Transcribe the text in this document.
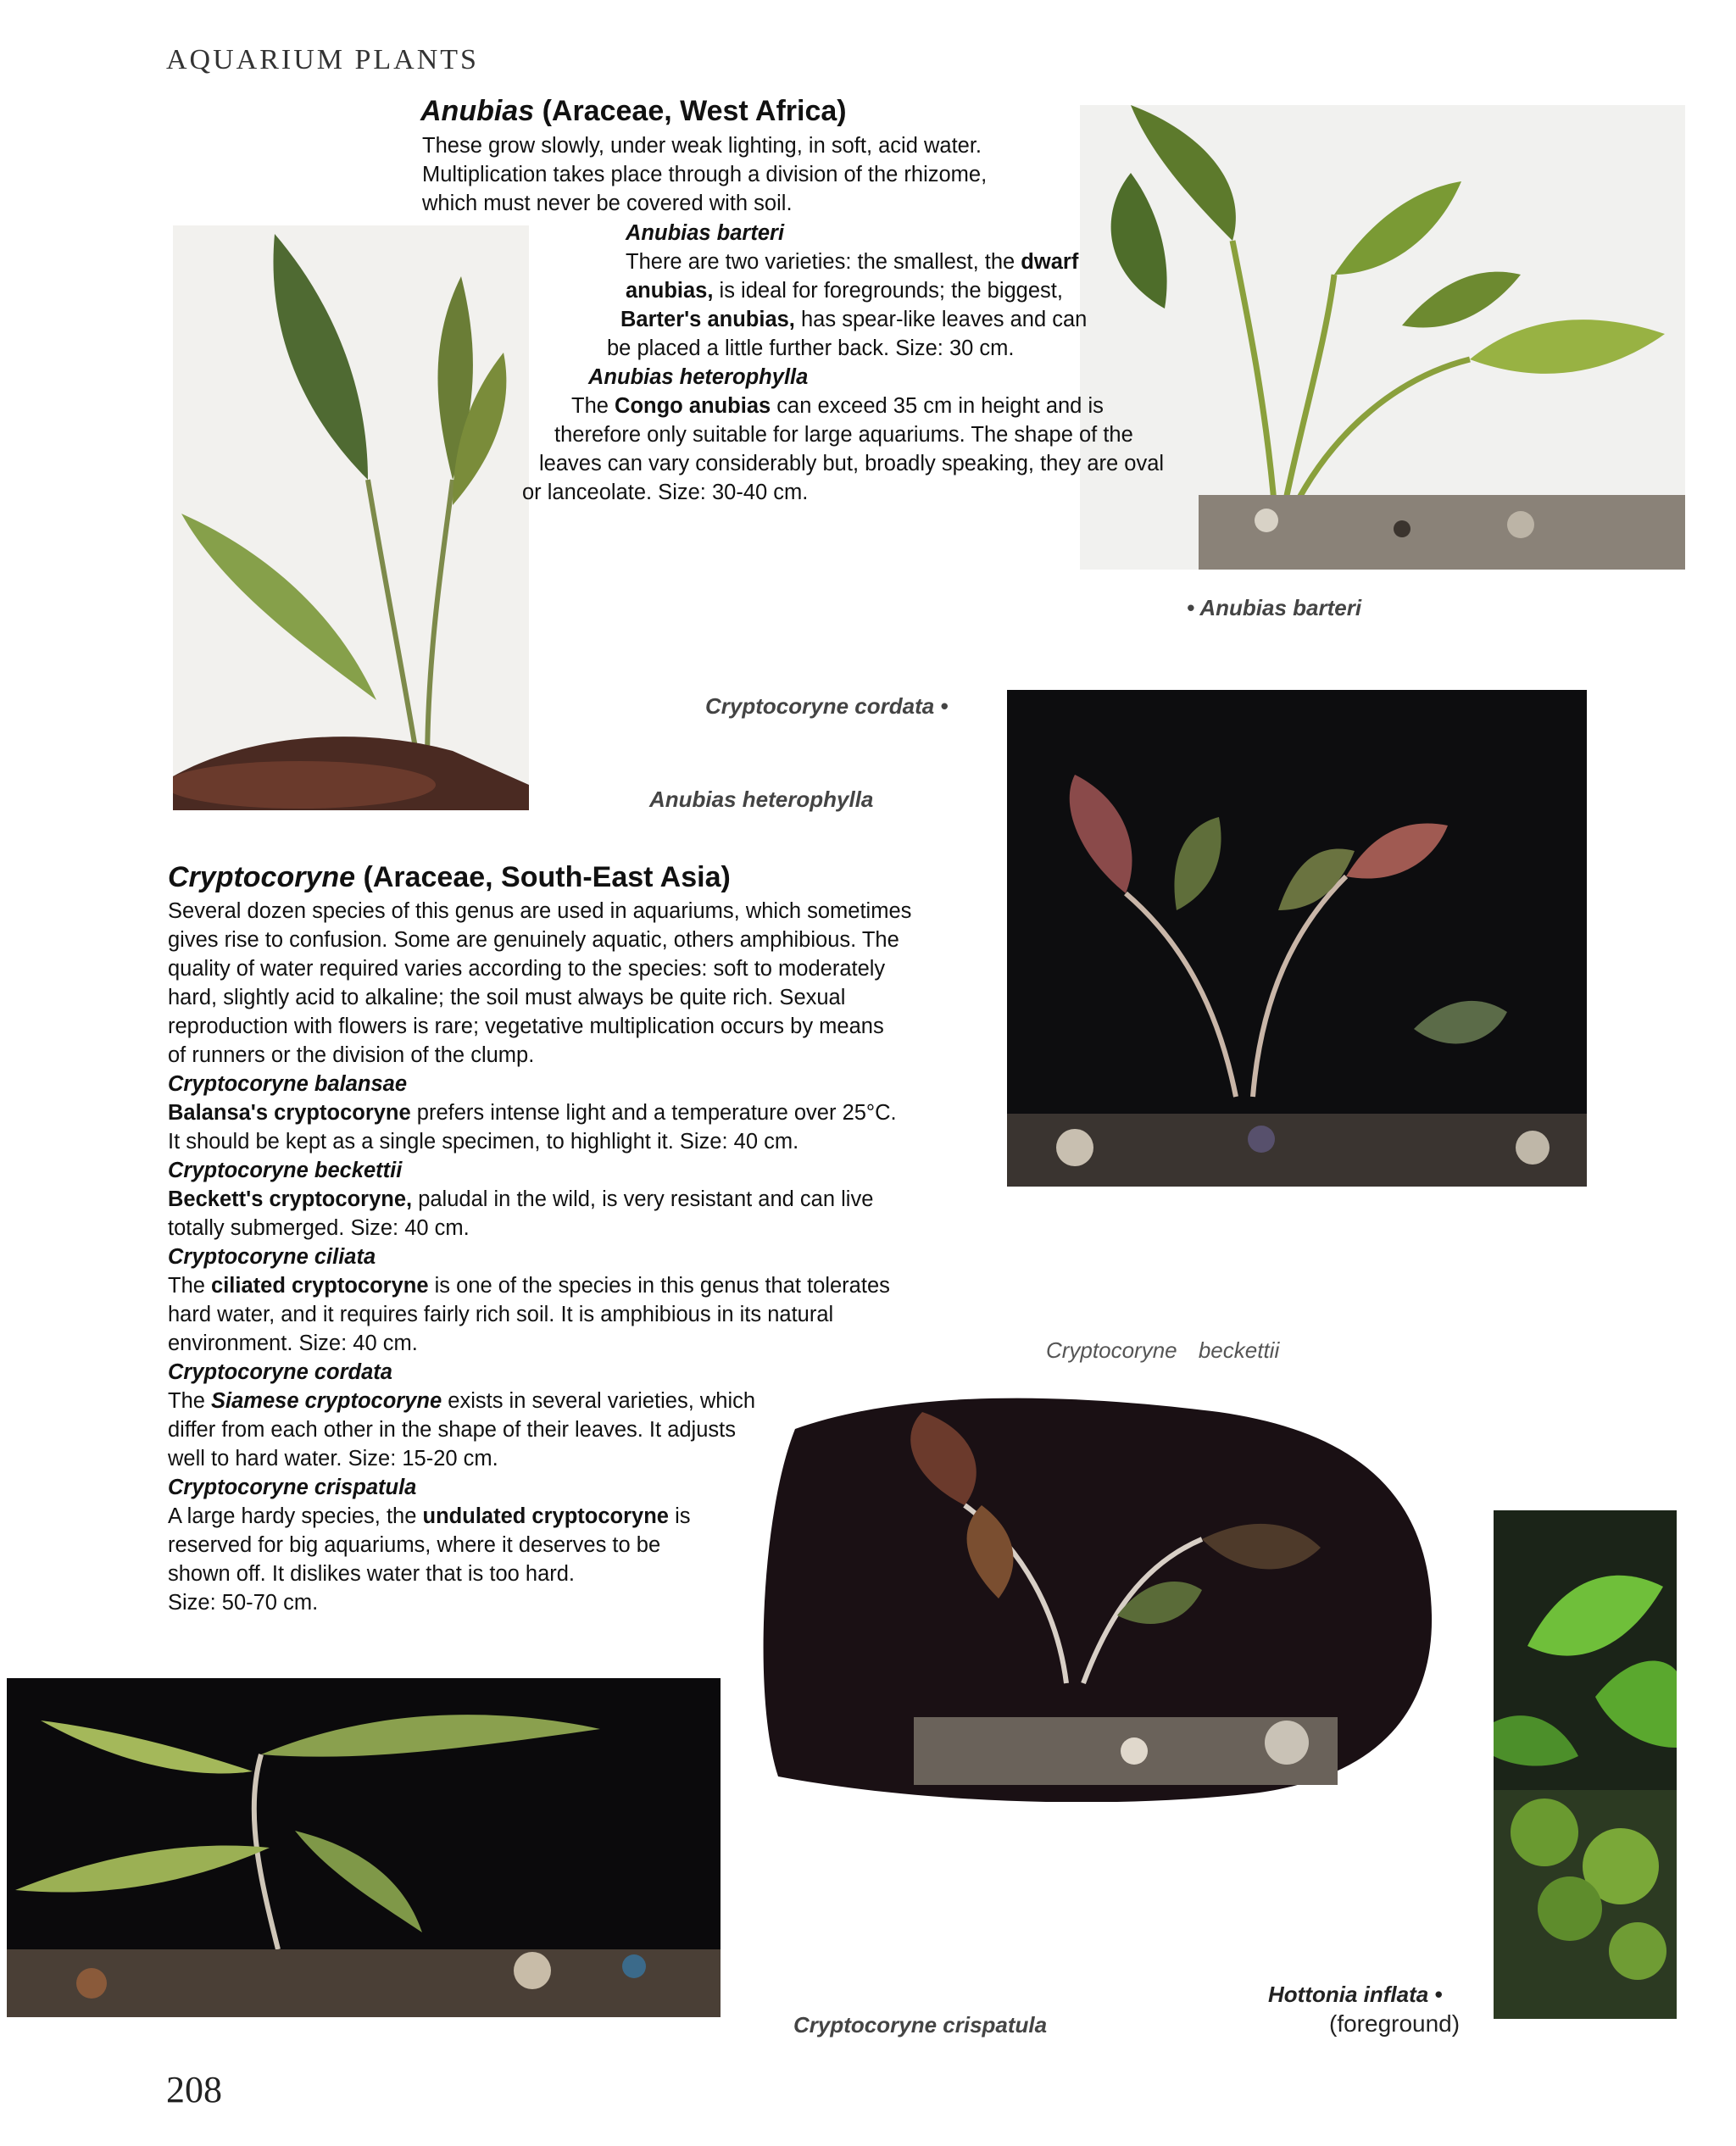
AQUARIUM PLANTS
208
Anubias (Araceae, West Africa)
These grow slowly, under weak lighting, in soft, acid water.
Multiplication takes place through a division of the rhizome,
which must never be covered with soil.
Anubias barteri
There are two varieties: the smallest, the dwarf
anubias, is ideal for foregrounds; the biggest,
Barter's anubias, has spear-like leaves and can
be placed a little further back. Size: 30 cm.
Anubias heterophylla
The Congo anubias can exceed 35 cm in height and is
therefore only suitable for large aquariums. The shape of the
leaves can vary considerably but, broadly speaking, they are oval
or lanceolate. Size: 30-40 cm.
• Anubias barteri
Cryptocoryne cordata •
Anubias heterophylla
Cryptocoryne beckettii
Cryptocoryne crispatula
Hottonia inflata •
(foreground)
Cryptocoryne (Araceae, South-East Asia)
Several dozen species of this genus are used in aquariums, which sometimes
gives rise to confusion. Some are genuinely aquatic, others amphibious. The
quality of water required varies according to the species: soft to moderately
hard, slightly acid to alkaline; the soil must always be quite rich. Sexual
reproduction with flowers is rare; vegetative multiplication occurs by means
of runners or the division of the clump.
Cryptocoryne balansae
Balansa's cryptocoryne prefers intense light and a temperature over 25°C.
It should be kept as a single specimen, to highlight it. Size: 40 cm.
Cryptocoryne beckettii
Beckett's cryptocoryne, paludal in the wild, is very resistant and can live
totally submerged. Size: 40 cm.
Cryptocoryne ciliata
The ciliated cryptocoryne is one of the species in this genus that tolerates
hard water, and it requires fairly rich soil. It is amphibious in its natural
environment. Size: 40 cm.
Cryptocoryne cordata
The Siamese cryptocoryne exists in several varieties, which
differ from each other in the shape of their leaves. It adjusts
well to hard water. Size: 15-20 cm.
Cryptocoryne crispatula
A large hardy species, the undulated cryptocoryne is
reserved for big aquariums, where it deserves to be
shown off. It dislikes water that is too hard.
Size: 50-70 cm.
